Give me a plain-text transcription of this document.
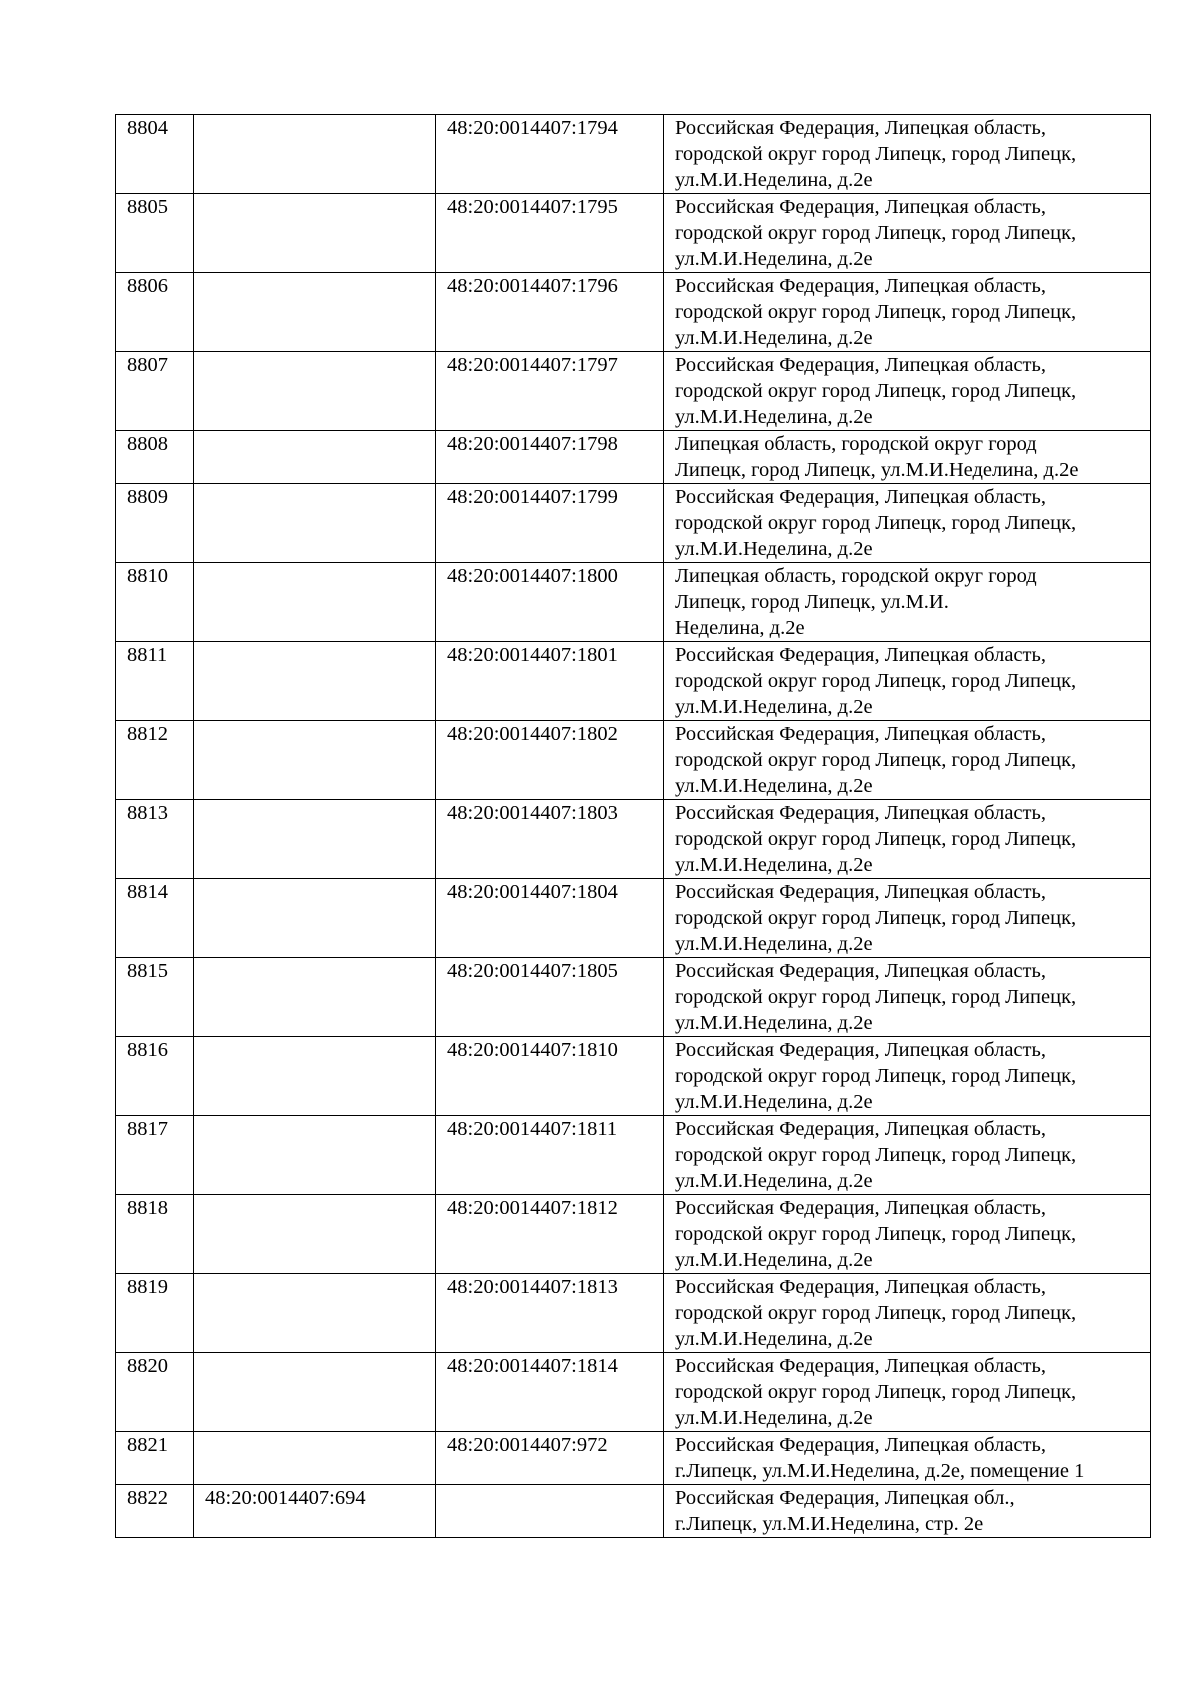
8804		48:20:0014407:1794	Российская Федерация, Липецкая область,
городской округ город Липецк, город Липецк,
ул.М.И.Неделина, д.2е
8805		48:20:0014407:1795	Российская Федерация, Липецкая область,
городской округ город Липецк, город Липецк,
ул.М.И.Неделина, д.2е
8806		48:20:0014407:1796	Российская Федерация, Липецкая область,
городской округ город Липецк, город Липецк,
ул.М.И.Неделина, д.2е
8807		48:20:0014407:1797	Российская Федерация, Липецкая область,
городской округ город Липецк, город Липецк,
ул.М.И.Неделина, д.2е
8808		48:20:0014407:1798	Липецкая область, городской округ город
Липецк, город Липецк, ул.М.И.Неделина, д.2е
8809		48:20:0014407:1799	Российская Федерация, Липецкая область,
городской округ город Липецк, город Липецк,
ул.М.И.Неделина, д.2е
8810		48:20:0014407:1800	Липецкая область, городской округ город
Липецк, город Липецк, ул.М.И.
Неделина, д.2е
8811		48:20:0014407:1801	Российская Федерация, Липецкая область,
городской округ город Липецк, город Липецк,
ул.М.И.Неделина, д.2е
8812		48:20:0014407:1802	Российская Федерация, Липецкая область,
городской округ город Липецк, город Липецк,
ул.М.И.Неделина, д.2е
8813		48:20:0014407:1803	Российская Федерация, Липецкая область,
городской округ город Липецк, город Липецк,
ул.М.И.Неделина, д.2е
8814		48:20:0014407:1804	Российская Федерация, Липецкая область,
городской округ город Липецк, город Липецк,
ул.М.И.Неделина, д.2е
8815		48:20:0014407:1805	Российская Федерация, Липецкая область,
городской округ город Липецк, город Липецк,
ул.М.И.Неделина, д.2е
8816		48:20:0014407:1810	Российская Федерация, Липецкая область,
городской округ город Липецк, город Липецк,
ул.М.И.Неделина, д.2е
8817		48:20:0014407:1811	Российская Федерация, Липецкая область,
городской округ город Липецк, город Липецк,
ул.М.И.Неделина, д.2е
8818		48:20:0014407:1812	Российская Федерация, Липецкая область,
городской округ город Липецк, город Липецк,
ул.М.И.Неделина, д.2е
8819		48:20:0014407:1813	Российская Федерация, Липецкая область,
городской округ город Липецк, город Липецк,
ул.М.И.Неделина, д.2е
8820		48:20:0014407:1814	Российская Федерация, Липецкая область,
городской округ город Липецк, город Липецк,
ул.М.И.Неделина, д.2е
8821		48:20:0014407:972	Российская Федерация, Липецкая область,
г.Липецк, ул.М.И.Неделина, д.2е, помещение 1
8822	48:20:0014407:694		Российская Федерация, Липецкая обл.,
г.Липецк, ул.М.И.Неделина, стр. 2е
